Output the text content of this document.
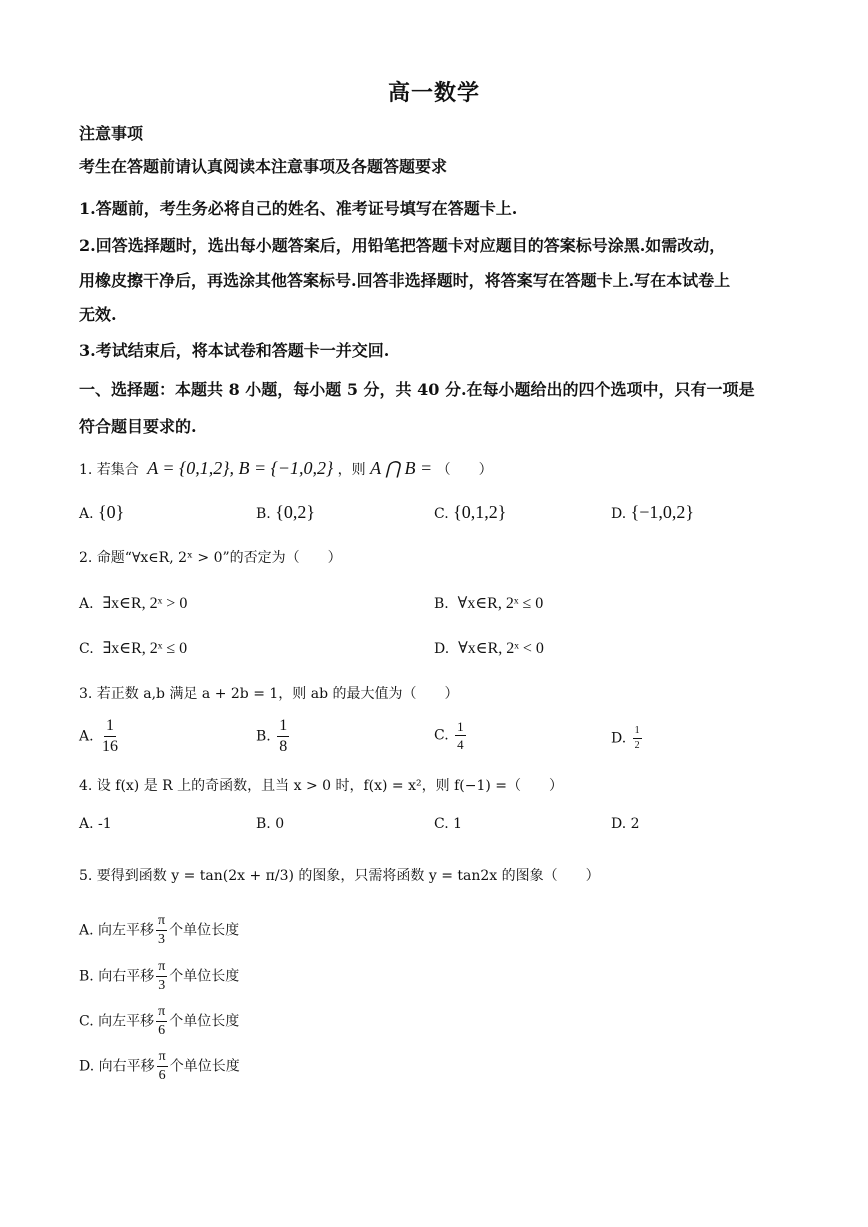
高一数学
注意事项
考生在答题前请认真阅读本注意事项及各题答题要求
1.答题前，考生务必将自己的姓名、准考证号填写在答题卡上.
2.回答选择题时，选出每小题答案后，用铅笔把答题卡对应题目的答案标号涂黑.如需改动，
用橡皮擦干净后，再选涂其他答案标号.回答非选择题时，将答案写在答题卡上.写在本试卷上
无效.
3.考试结束后，将本试卷和答题卡一并交回.
一、选择题：本题共 8 小题，每小题 5 分，共 40 分.在每小题给出的四个选项中，只有一项是
符合题目要求的.
1. 若集合 A = {0,1,2}, B = {−1,0,2} ，则 A ⋂ B = （　　）
A. {0}	B. {0,2}	C. {0,1,2}	D. {−1,0,2}
2. 命题“∀x∈R, 2ˣ > 0”的否定为（　　）
A. ∃x∈R, 2ˣ > 0	B. ∀x∈R, 2ˣ ≤ 0
C. ∃x∈R, 2ˣ ≤ 0	D. ∀x∈R, 2ˣ < 0
3. 若正数 a,b 满足 a + 2b = 1，则 ab 的最大值为（　　）
A. $\frac{1}{16}$	B. $\frac{1}{8}$	C. $\frac{1}{4}$	D. $\frac{1}{2}$
4. 设 f(x) 是 R 上的奇函数，且当 x > 0 时，f(x) = x²，则 f(−1) =（　　）
A. -1	B. 0	C. 1	D. 2
5. 要得到函数 y = tan(2x + π/3) 的图象，只需将函数 y = tan2x 的图象（　　）
A. 向左平移 $\frac{\pi}{3}$ 个单位长度
B. 向右平移 $\frac{\pi}{3}$ 个单位长度
C. 向左平移 $\frac{\pi}{6}$ 个单位长度
D. 向右平移 $\frac{\pi}{6}$ 个单位长度
